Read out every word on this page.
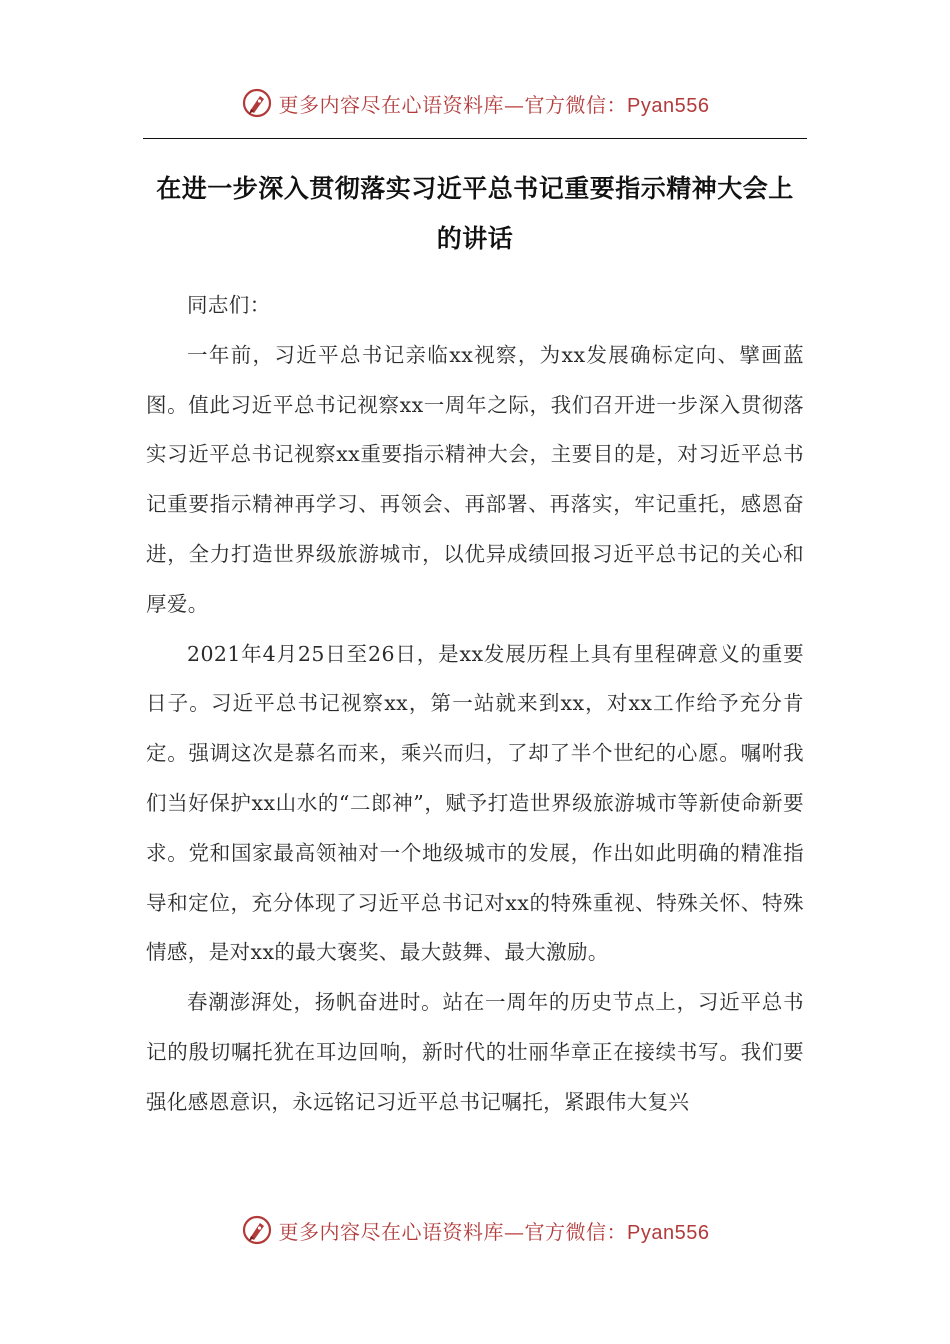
更多内容尽在心语资料库—官方微信：Pyan556
在进一步深入贯彻落实习近平总书记重要指示精神大会上
的讲话

同志们：

一年前，习近平总书记亲临xx视察，为xx发展确标定向、擘画蓝图。值此习近平总书记视察xx一周年之际，我们召开进一步深入贯彻落实习近平总书记视察xx重要指示精神大会，主要目的是，对习近平总书记重要指示精神再学习、再领会、再部署、再落实，牢记重托，感恩奋进，全力打造世界级旅游城市，以优异成绩回报习近平总书记的关心和厚爱。

2021年4月25日至26日，是xx发展历程上具有里程碑意义的重要日子。习近平总书记视察xx，第一站就来到xx，对xx工作给予充分肯定。强调这次是慕名而来，乘兴而归，了却了半个世纪的心愿。嘱咐我们当好保护xx山水的“二郎神”，赋予打造世界级旅游城市等新使命新要求。党和国家最高领袖对一个地级城市的发展，作出如此明确的精准指导和定位，充分体现了习近平总书记对xx的特殊重视、特殊关怀、特殊情感，是对xx的最大褒奖、最大鼓舞、最大激励。

春潮澎湃处，扬帆奋进时。站在一周年的历史节点上，习近平总书记的殷切嘱托犹在耳边回响，新时代的壮丽华章正在接续书写。我们要强化感恩意识，永远铭记习近平总书记嘱托，紧跟伟大复兴

更多内容尽在心语资料库—官方微信：Pyan556
